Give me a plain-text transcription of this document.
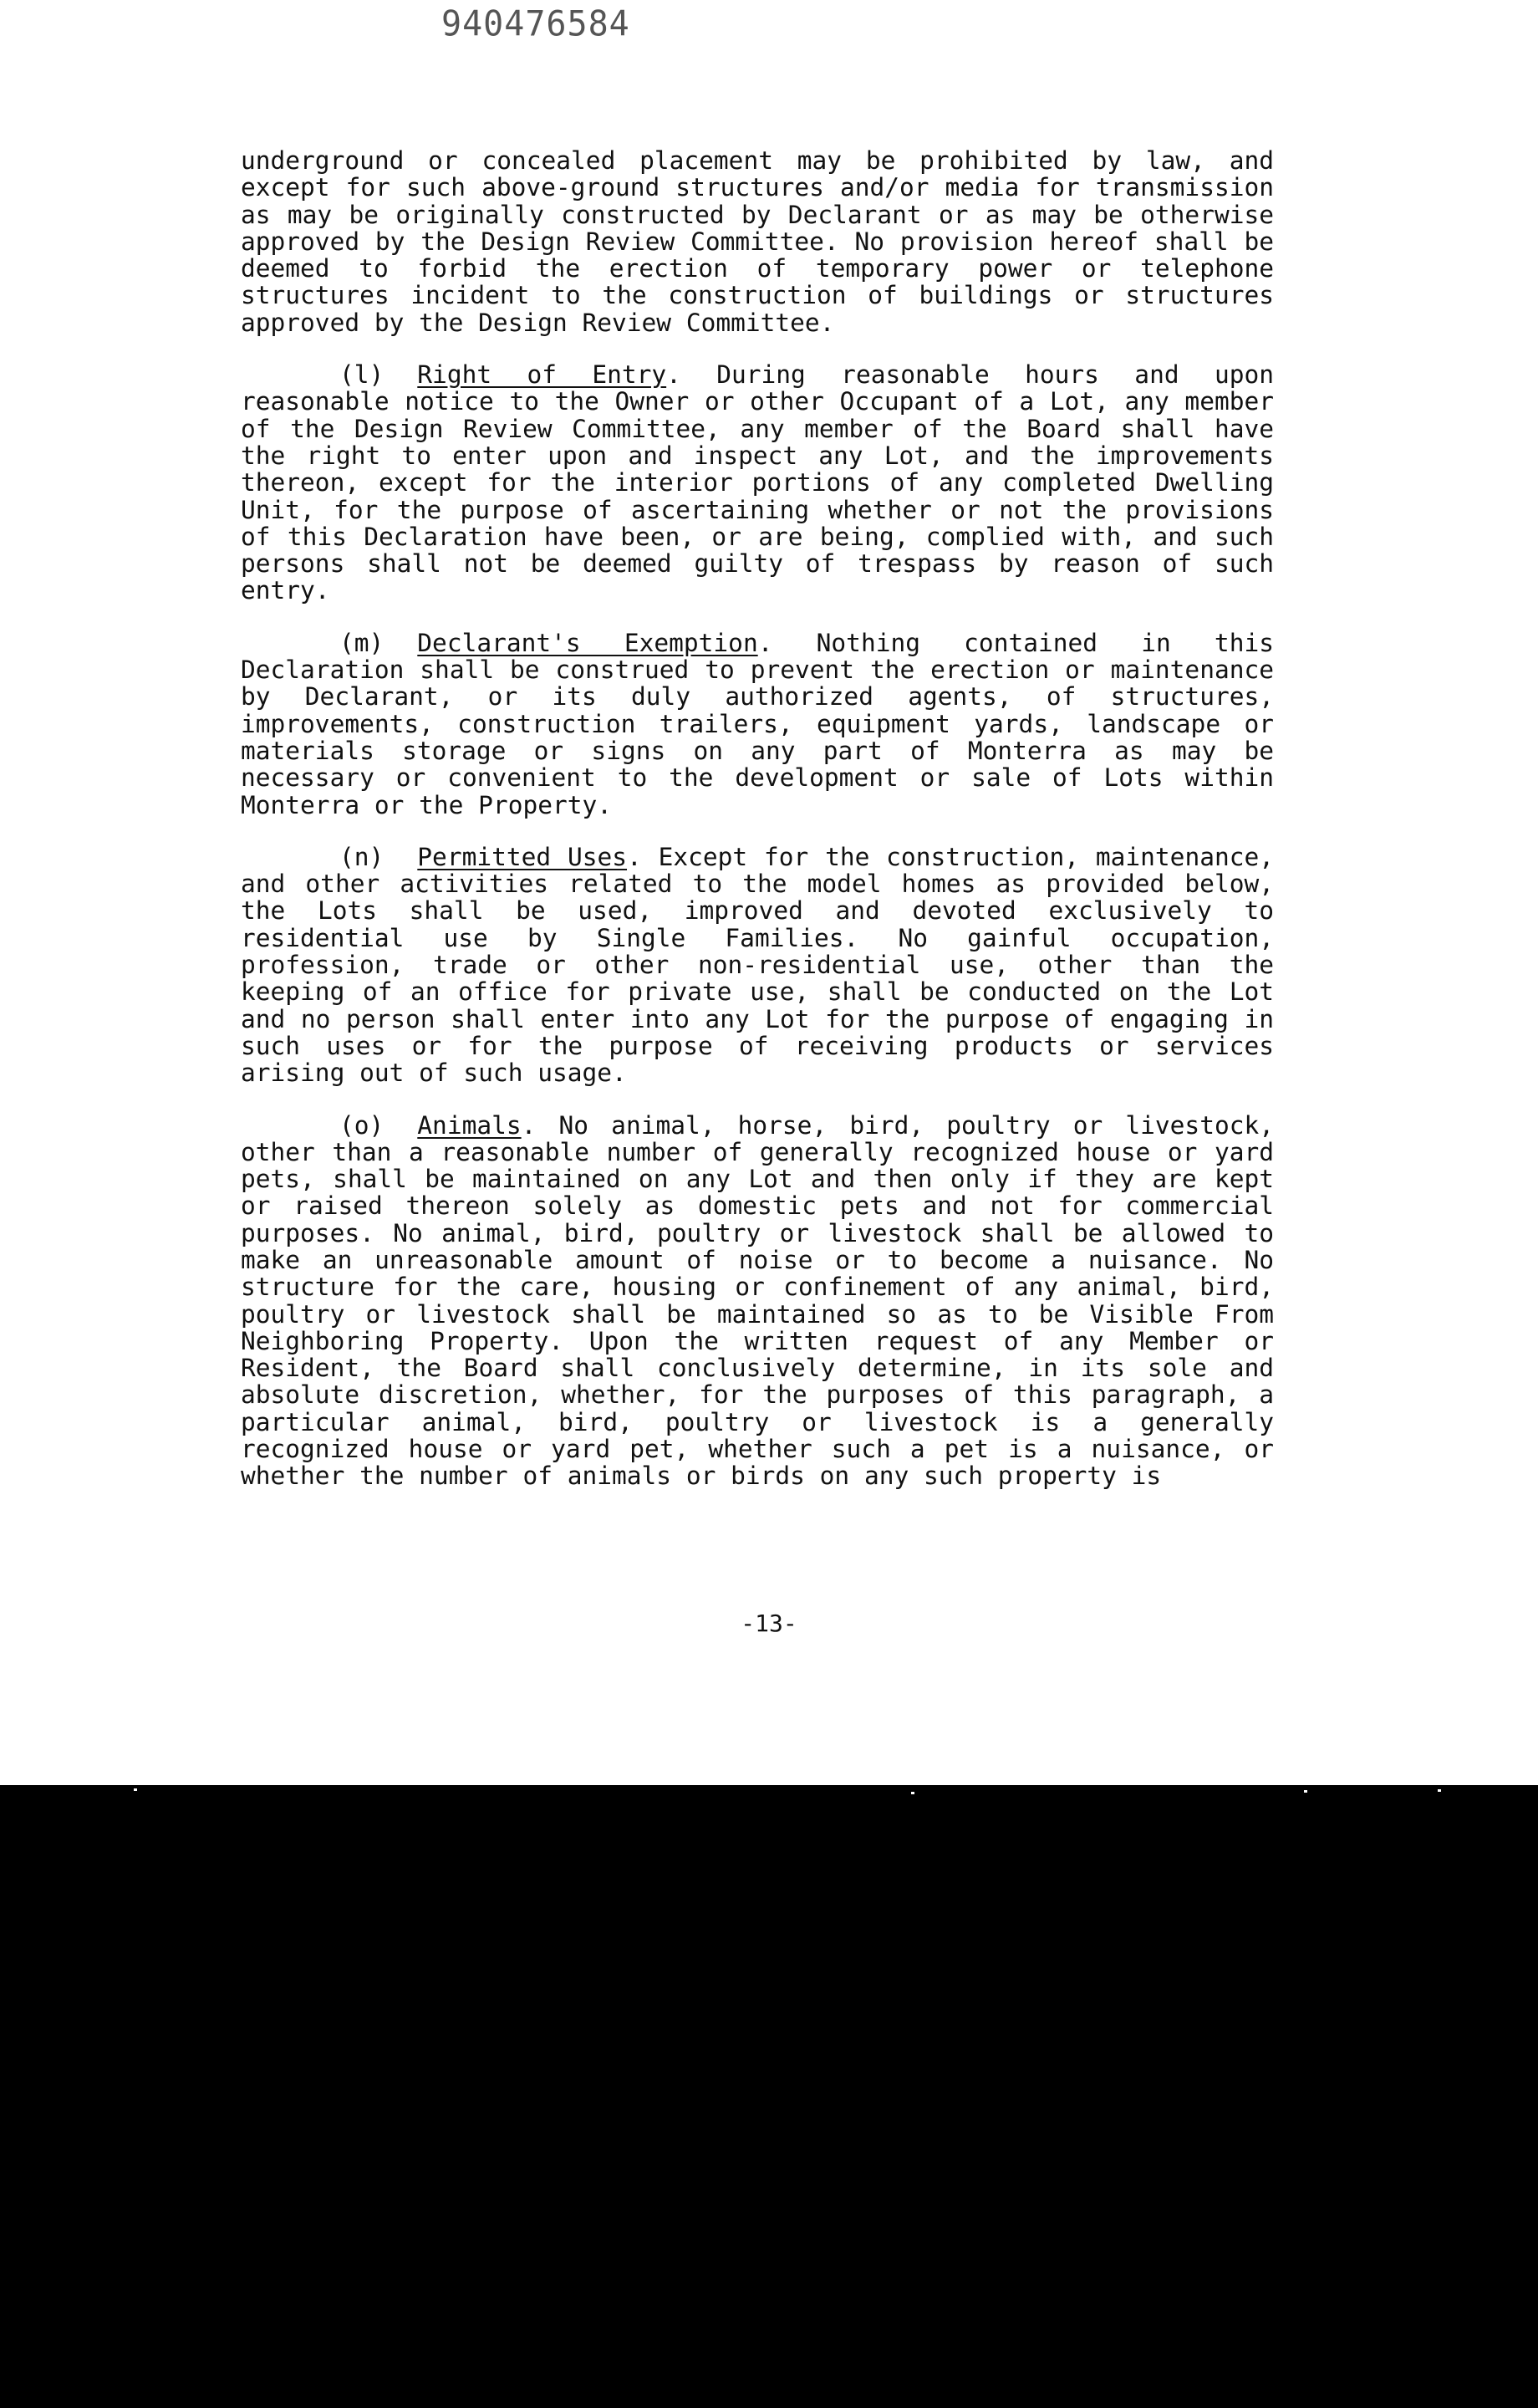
940476584

underground or concealed placement may be prohibited by law, and except for such above-ground structures and/or media for transmission as may be originally constructed by Declarant or as may be otherwise approved by the Design Review Committee. No provision hereof shall be deemed to forbid the erection of temporary power or telephone structures incident to the construction of buildings or structures approved by the Design Review Committee.

(l) Right of Entry. During reasonable hours and upon reasonable notice to the Owner or other Occupant of a Lot, any member of the Design Review Committee, any member of the Board shall have the right to enter upon and inspect any Lot, and the improvements thereon, except for the interior portions of any completed Dwelling Unit, for the purpose of ascertaining whether or not the provisions of this Declaration have been, or are being, complied with, and such persons shall not be deemed guilty of trespass by reason of such entry.

(m) Declarant's Exemption. Nothing contained in this Declaration shall be construed to prevent the erection or maintenance by Declarant, or its duly authorized agents, of structures, improvements, construction trailers, equipment yards, landscape or materials storage or signs on any part of Monterra as may be necessary or convenient to the development or sale of Lots within Monterra or the Property.

(n) Permitted Uses. Except for the construction, maintenance, and other activities related to the model homes as provided below, the Lots shall be used, improved and devoted exclusively to residential use by Single Families. No gainful occupation, profession, trade or other non-residential use, other than the keeping of an office for private use, shall be conducted on the Lot and no person shall enter into any Lot for the purpose of engaging in such uses or for the purpose of receiving products or services arising out of such usage.

(o) Animals. No animal, horse, bird, poultry or livestock, other than a reasonable number of generally recognized house or yard pets, shall be maintained on any Lot and then only if they are kept or raised thereon solely as domestic pets and not for commercial purposes. No animal, bird, poultry or livestock shall be allowed to make an unreasonable amount of noise or to become a nuisance. No structure for the care, housing or confinement of any animal, bird, poultry or livestock shall be maintained so as to be Visible From Neighboring Property. Upon the written request of any Member or Resident, the Board shall conclusively determine, in its sole and absolute discretion, whether, for the purposes of this paragraph, a particular animal, bird, poultry or livestock is a generally recognized house or yard pet, whether such a pet is a nuisance, or whether the number of animals or birds on any such property is

-13-
